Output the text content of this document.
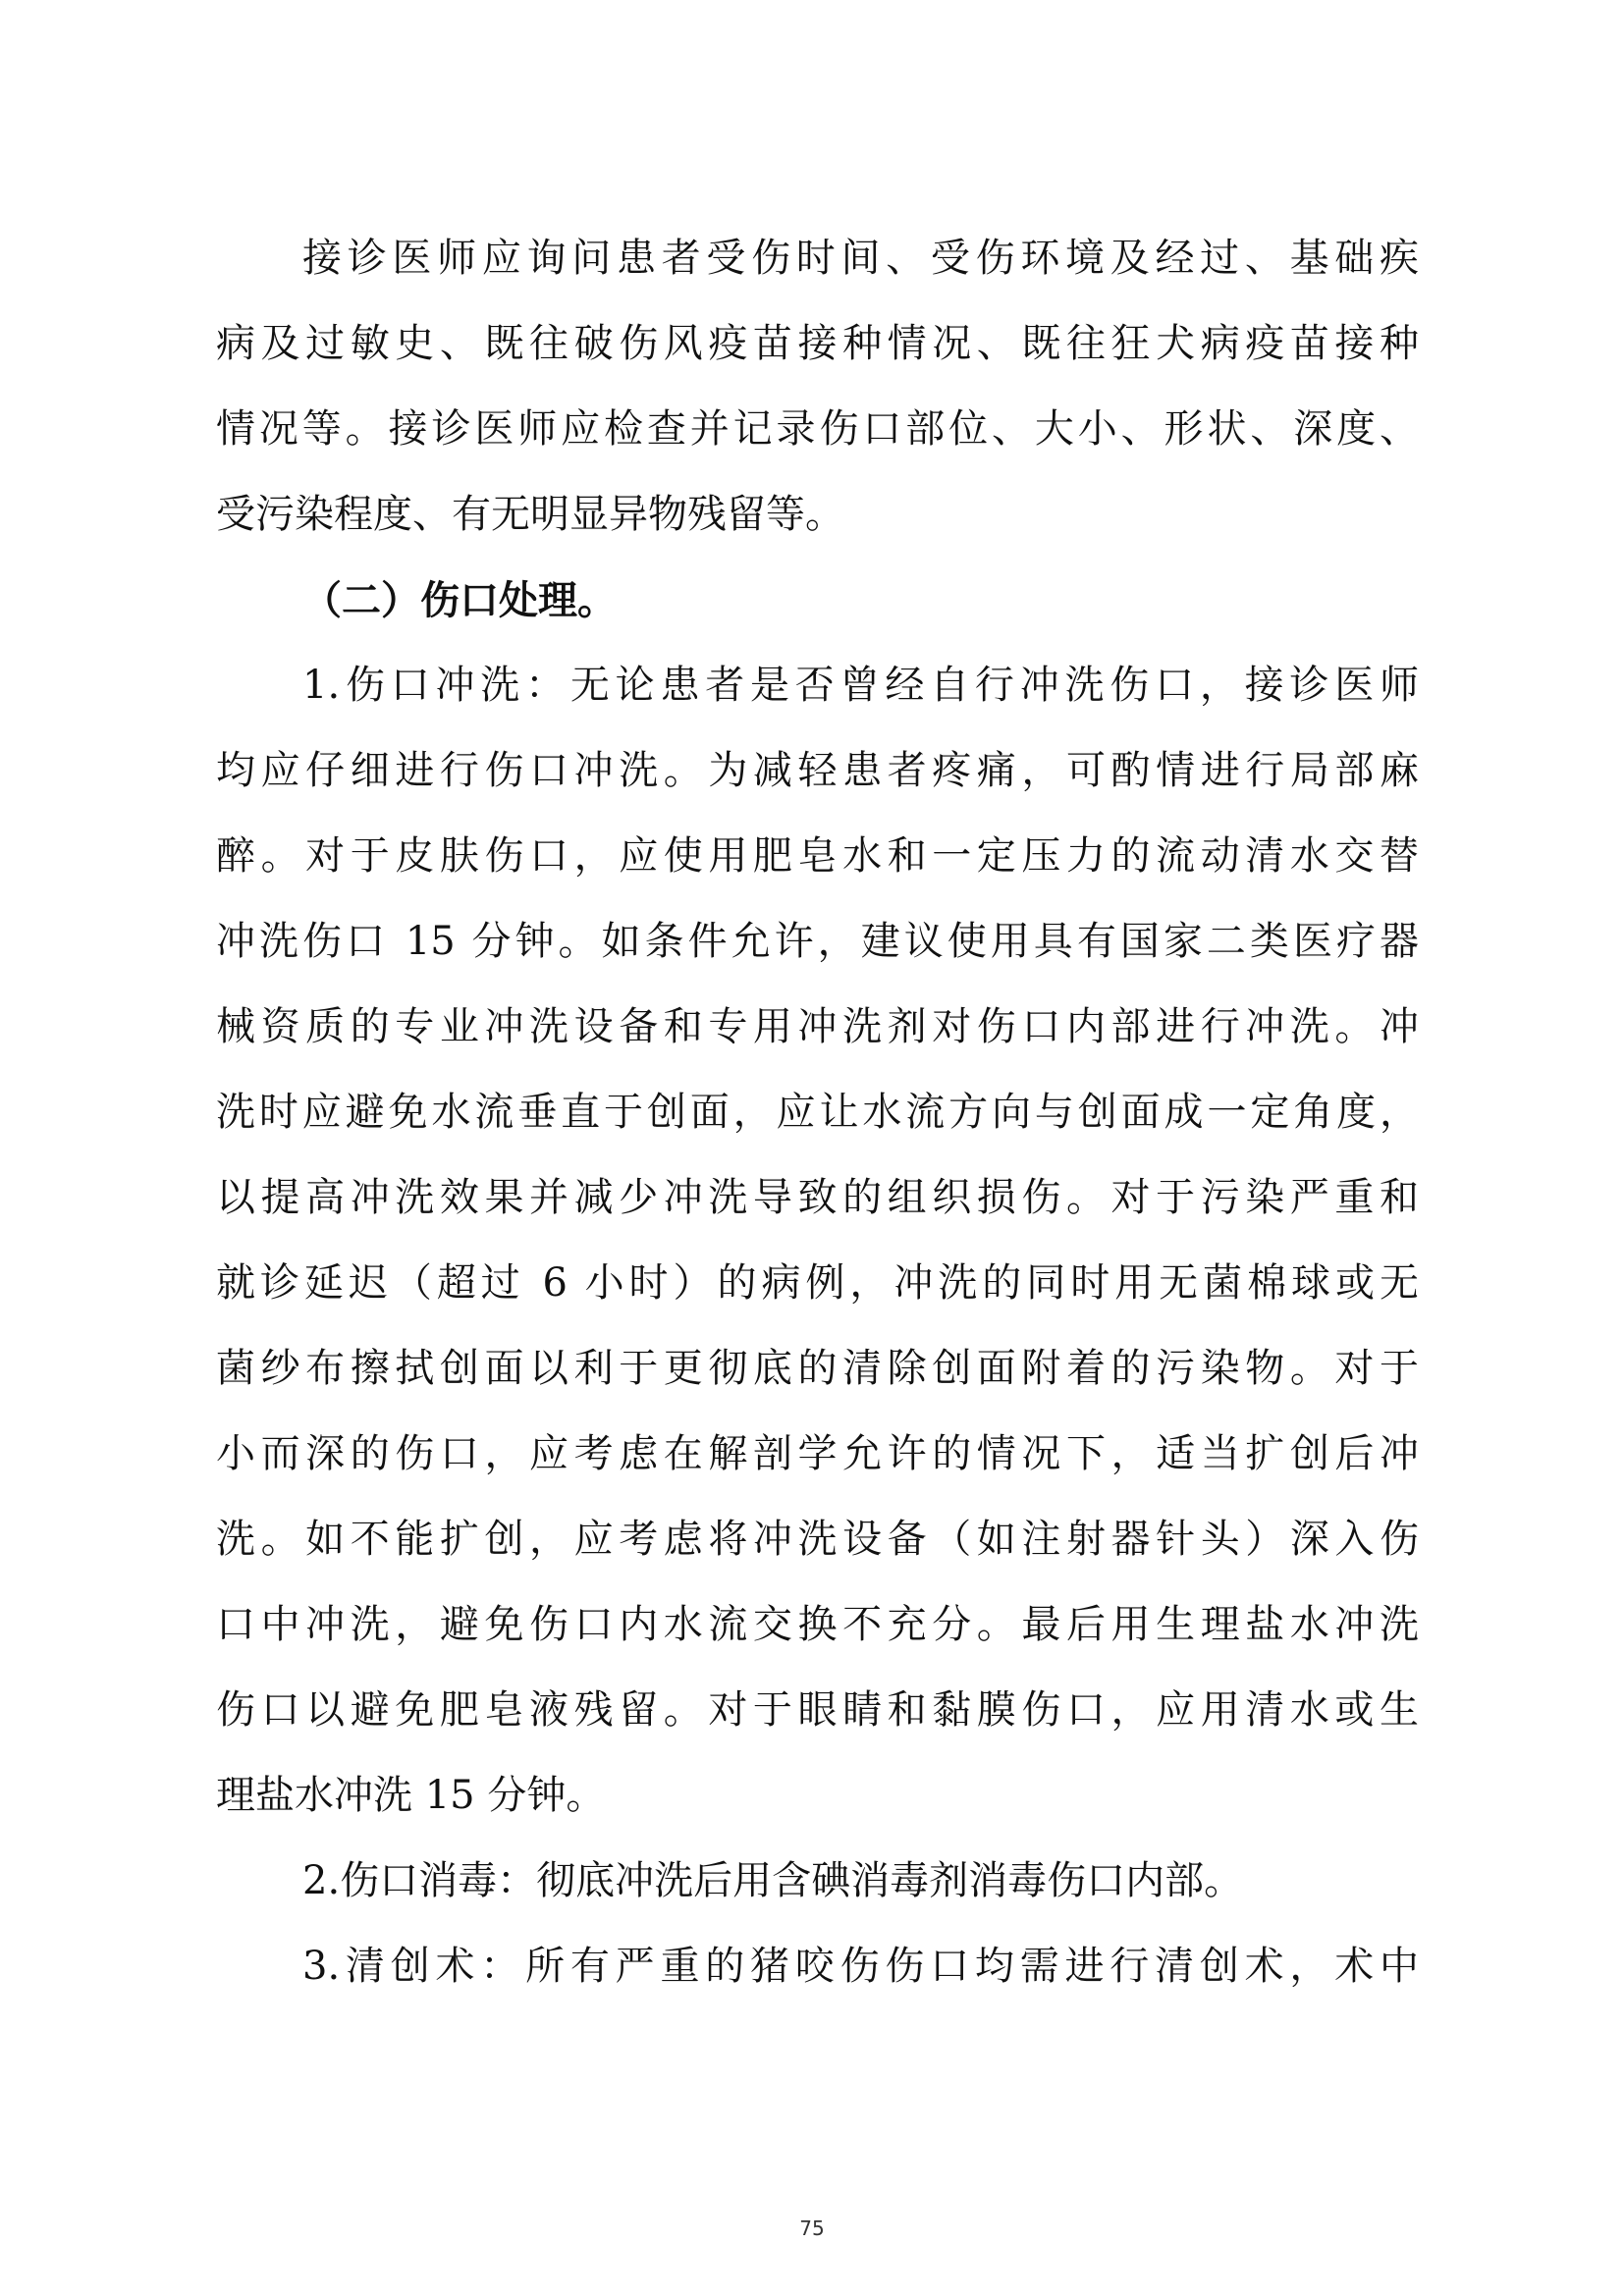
接诊医师应询问患者受伤时间、受伤环境及经过、基础疾
病及过敏史、既往破伤风疫苗接种情况、既往狂犬病疫苗接种
情况等。接诊医师应检查并记录伤口部位、大小、形状、深度、
受污染程度、有无明显异物残留等。
（二）伤口处理。
1.伤口冲洗：无论患者是否曾经自行冲洗伤口，接诊医师
均应仔细进行伤口冲洗。为减轻患者疼痛，可酌情进行局部麻
醉。对于皮肤伤口，应使用肥皂水和一定压力的流动清水交替
冲洗伤口 15 分钟。如条件允许，建议使用具有国家二类医疗器
械资质的专业冲洗设备和专用冲洗剂对伤口内部进行冲洗。冲
洗时应避免水流垂直于创面，应让水流方向与创面成一定角度，
以提高冲洗效果并减少冲洗导致的组织损伤。对于污染严重和
就诊延迟（超过 6 小时）的病例，冲洗的同时用无菌棉球或无
菌纱布擦拭创面以利于更彻底的清除创面附着的污染物。对于
小而深的伤口，应考虑在解剖学允许的情况下，适当扩创后冲
洗。如不能扩创，应考虑将冲洗设备（如注射器针头）深入伤
口中冲洗，避免伤口内水流交换不充分。最后用生理盐水冲洗
伤口以避免肥皂液残留。对于眼睛和黏膜伤口，应用清水或生
理盐水冲洗 15 分钟。
2.伤口消毒：彻底冲洗后用含碘消毒剂消毒伤口内部。
3.清创术：所有严重的猪咬伤伤口均需进行清创术，术中
75
